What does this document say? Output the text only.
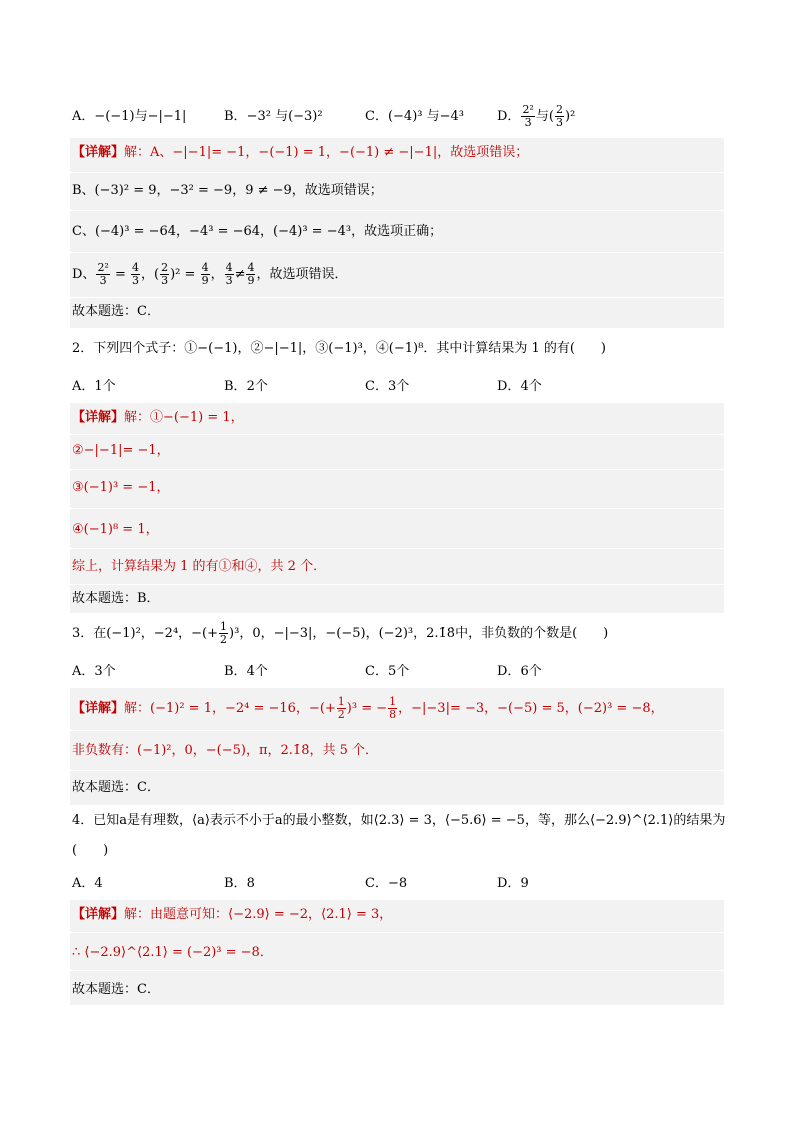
A．−(−1)与−|−1|	B．−3² 与(−3)²	C．(−4)³ 与−4³	D． $\frac{\text{2²}}{3}$ 与( $\frac{2}{3} )^2$
【详解】解：A、−|−1|= −1，−(−1) = 1，−(−1) ≠ −|−1|，故选项错误；
B、(−3)² = 9，−3² = −9，9 ≠ −9，故选项错误；
C、(−4)³ = −64，−4³ = −64，(−4)³ = −4³，故选项正确；
D、 $\frac{\text{2²}}{3} = \frac{4}{3}$ ，( $\frac{2}{3} )^2 = \frac{4}{9}$ ， $\frac{4}{3} \ne \frac{4}{9}$ ，故选项错误．
故本题选：C．
2．下列四个式子：①−(−1)，②−|−1|，③(−1)³，④(−1)⁸．其中计算结果为 1 的有(　　)
A．1个	B．2个	C．3个	D．4个
【详解】解：①−(−1) = 1，
②−|−1|= −1，
③(−1)³ = −1，
④(−1)⁸ = 1，
综上，计算结果为 1 的有①和④，共 2 个．
故本题选：B．
3．在(−1)²，−2⁴，−(+ $\frac{1}{2} )^3$，0，−|−3|，−(−5)，(−2)³，2.1̇8̇中，非负数的个数是(　　)
A．3个	B．4个	C．5个	D．6个
【详解】解：(−1)² = 1，−2⁴ = −16，−(+ $\frac{1}{2} )^3$ = − $\frac{1}{8}$ ，−|−3|= −3，−(−5) = 5，(−2)³ = −8，
非负数有：(−1)²，0，−(−5)，π，2.1̇8̇，共 5 个．
故本题选：C．
4．已知a是有理数，⟨a⟩表示不小于a的最小整数，如⟨2.3⟩ = 3，⟨−5.6⟩ = −5，等，那么⟨−2.9⟩^⟨2.1⟩的结果为
(　　)
A．4	B．8	C．−8	D．9
【详解】解：由题意可知：⟨−2.9⟩ = −2，⟨2.1⟩ = 3，
∴ ⟨−2.9⟩^⟨2.1⟩ = (−2)³ = −8．
故本题选：C．
